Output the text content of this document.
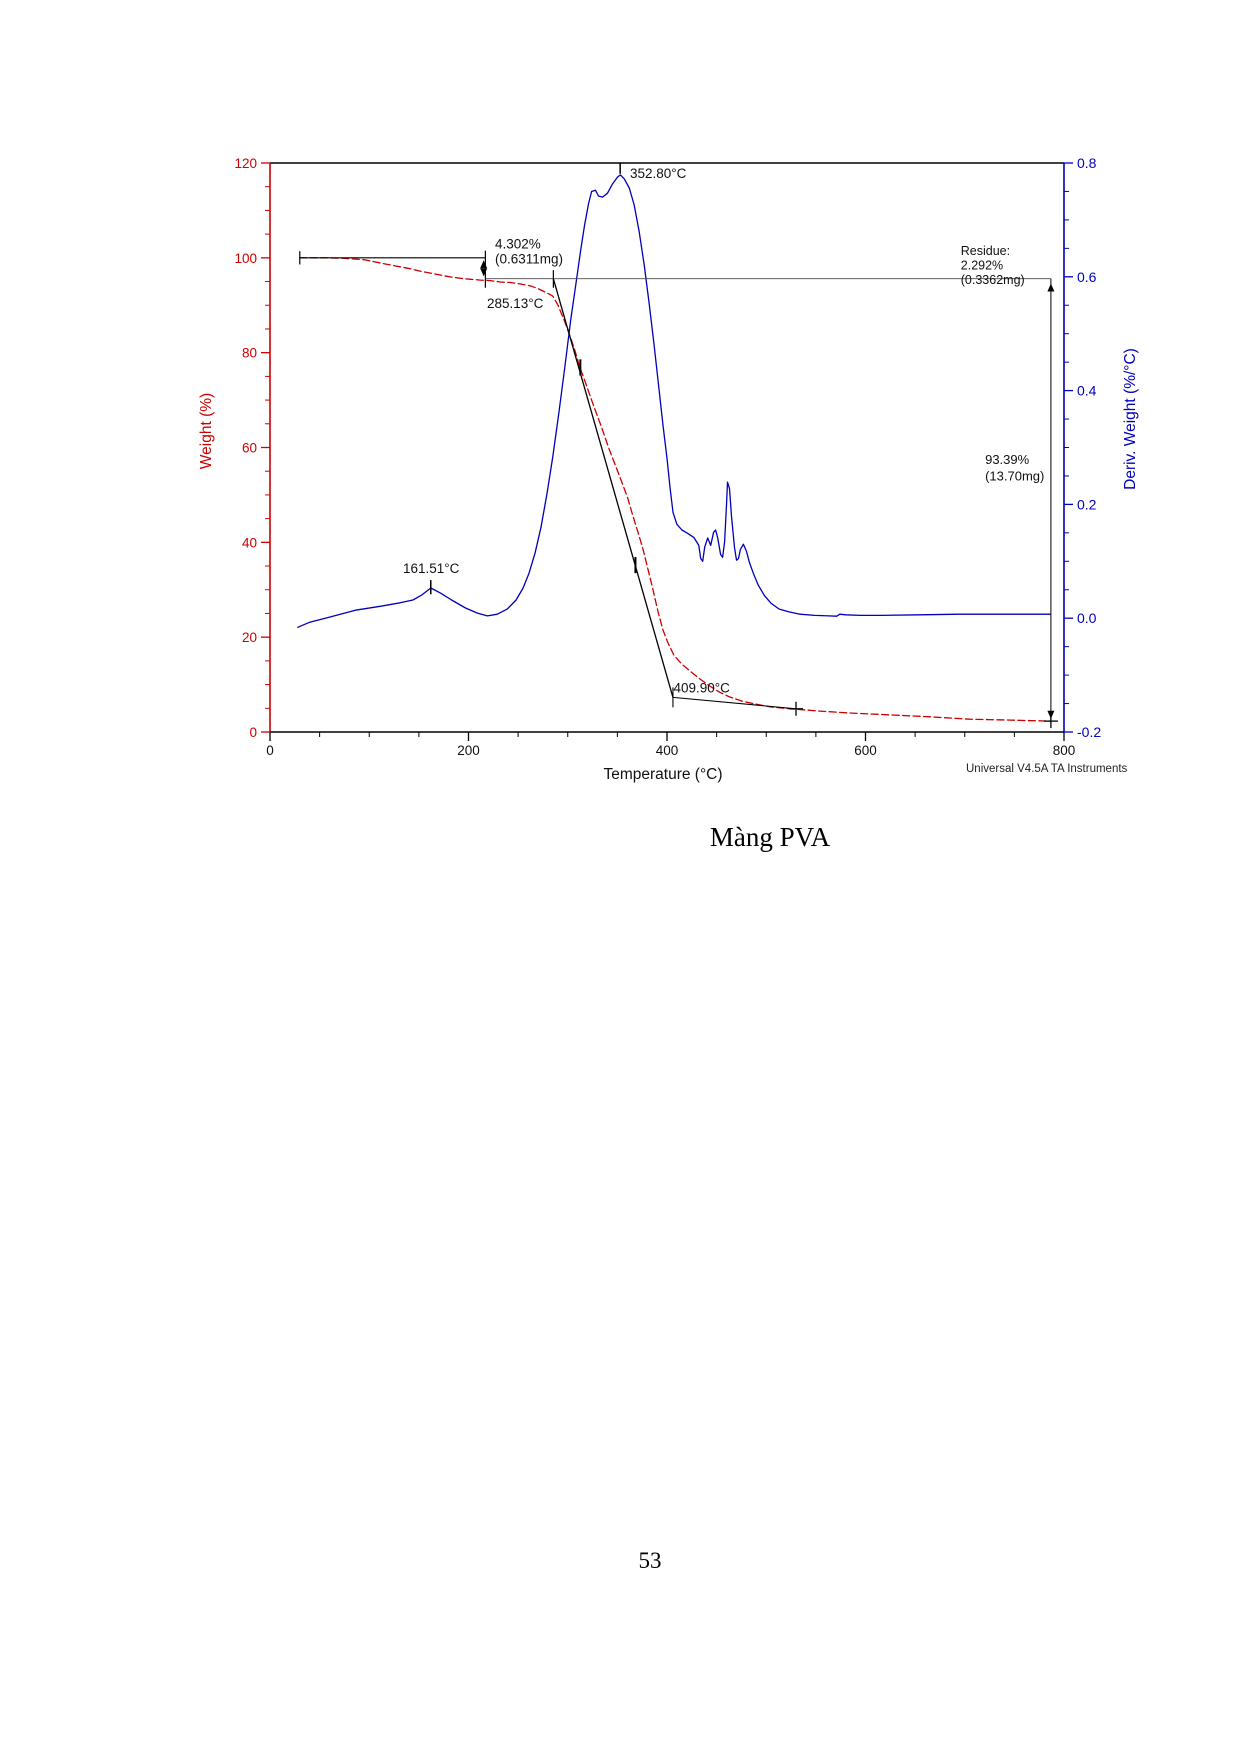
0	200	400	600	800
0
20
40
60
80
100
120
-0.2
0.0
0.2
0.4
0.6
0.8
4.302%
(0.6311mg)
285.13°C
352.80°C
161.51°C
409.90°C
Residue:
2.292%
(0.3362mg)
93.39%
(13.70mg)
Temperature (°C)
Weight (%)	Deriv. Weight (%/°C)
Universal V4.5A TA Instruments
Màng PVA
53
